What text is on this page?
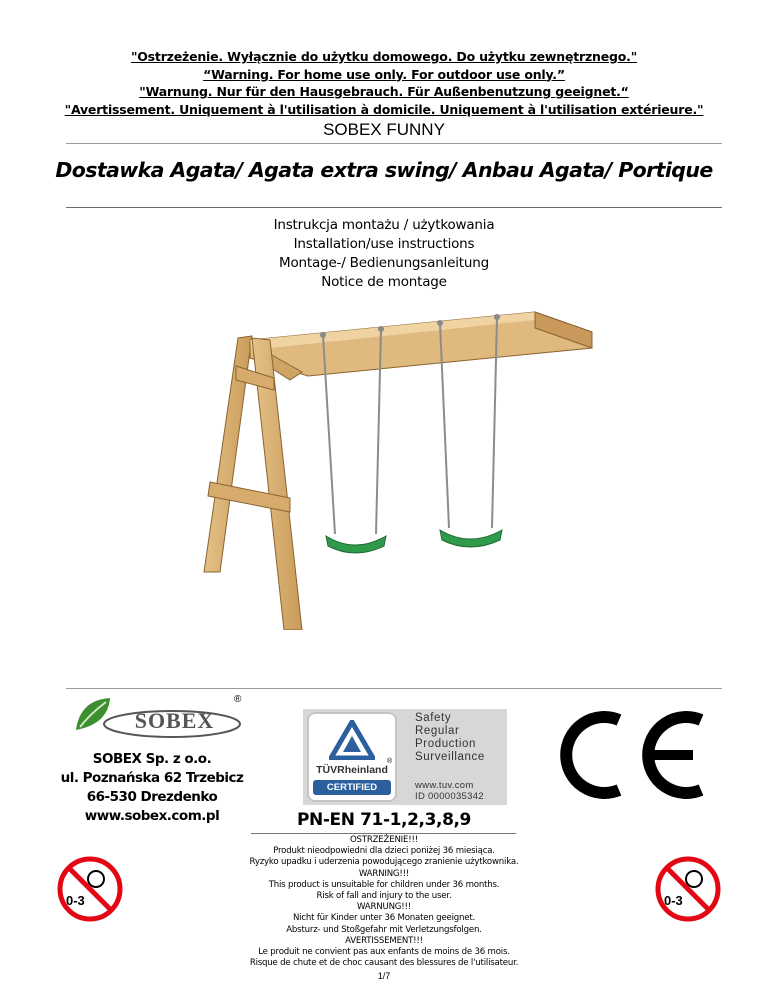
"Ostrzeżenie. Wyłącznie do użytku domowego. Do użytku zewnętrznego."
“Warning. For home use only. For outdoor use only.”
"Warnung. Nur für den Hausgebrauch. Für Außenbenutzung geeignet.“
"Avertissement. Uniquement à l'utilisation à domicile. Uniquement à l'utilisation extérieure."
SOBEX FUNNY
Dostawka Agata/ Agata extra swing/ Anbau Agata/ Portique
Instrukcja montażu / użytkowania
Installation/use instructions
Montage-/ Bedienungsanleitung
Notice de montage
SOBEX
®
SOBEX Sp. z o.o.
ul. Poznańska 62 Trzebicz
66-530 Drezdenko
www.sobex.com.pl
TÜVRheinland
®
CERTIFIED
Safety
Regular
Production
Surveillance
www.tuv.com
ID 0000035342
PN-EN 71-1,2,3,8,9
0-3	0-3
OSTRZEŻENIE!!!
Produkt nieodpowiedni dla dzieci poniżej 36 miesiąca.
Ryzyko upadku i uderzenia powodującego zranienie użytkownika.
WARNING!!!
This product is unsuitable for children under 36 months.
Risk of fall and injury to the user.
WARNUNG!!!
Nicht für Kinder unter 36 Monaten geeignet.
Absturz- und Stoßgefahr mit Verletzungsfolgen.
AVERTISSEMENT!!!
Le produit ne convient pas aux enfants de moins de 36 mois.
Risque de chute et de choc causant des blessures de l'utilisateur.
1/7
